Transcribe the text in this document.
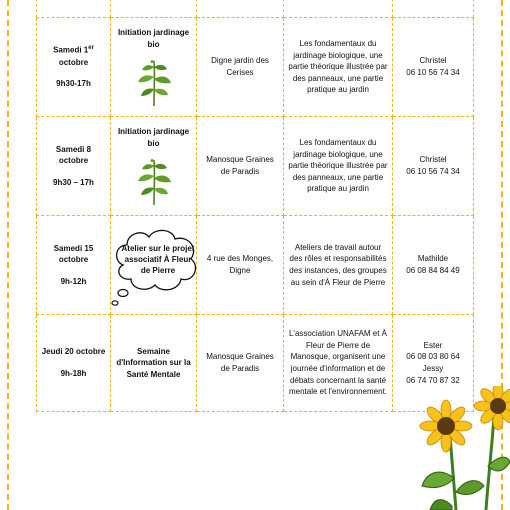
Samedi 1er octobre
9h30-17h	Initiation jardinage bio	Digne jardin des Cerises	Les fondamentaux du jardinage biologique, une partie théorique illustrée par des panneaux, une partie pratique au jardin	Christel
06 10 56 74 34

Samedi 8 octobre
9h30 – 17h	Initiation jardinage bio	Manosque Graines de Paradis	Les fondamentaux du jardinage biologique, une partie théorique illustrée par des panneaux, une partie pratique au jardin	Christel
06 10 56 74 34

Samedi 15 octobre
9h-12h	Atelier sur le projet associatif À Fleur de Pierre	4 rue des Monges, Digne	Ateliers de travail autour des rôles et responsabilités des instances, des groupes au sein d'À Fleur de Pierre	Mathilde
06 08 84 84 49

Jeudi 20 octobre
9h-18h	Semaine d'Information sur la Santé Mentale	Manosque Graines de Paradis	L'association UNAFAM et À Fleur de Pierre de Manosque, organisent une journée d'information et de débats concernant la santé mentale et l'environnement.	Ester
06 08 03 80 64
Jessy
06 74 70 87 32
